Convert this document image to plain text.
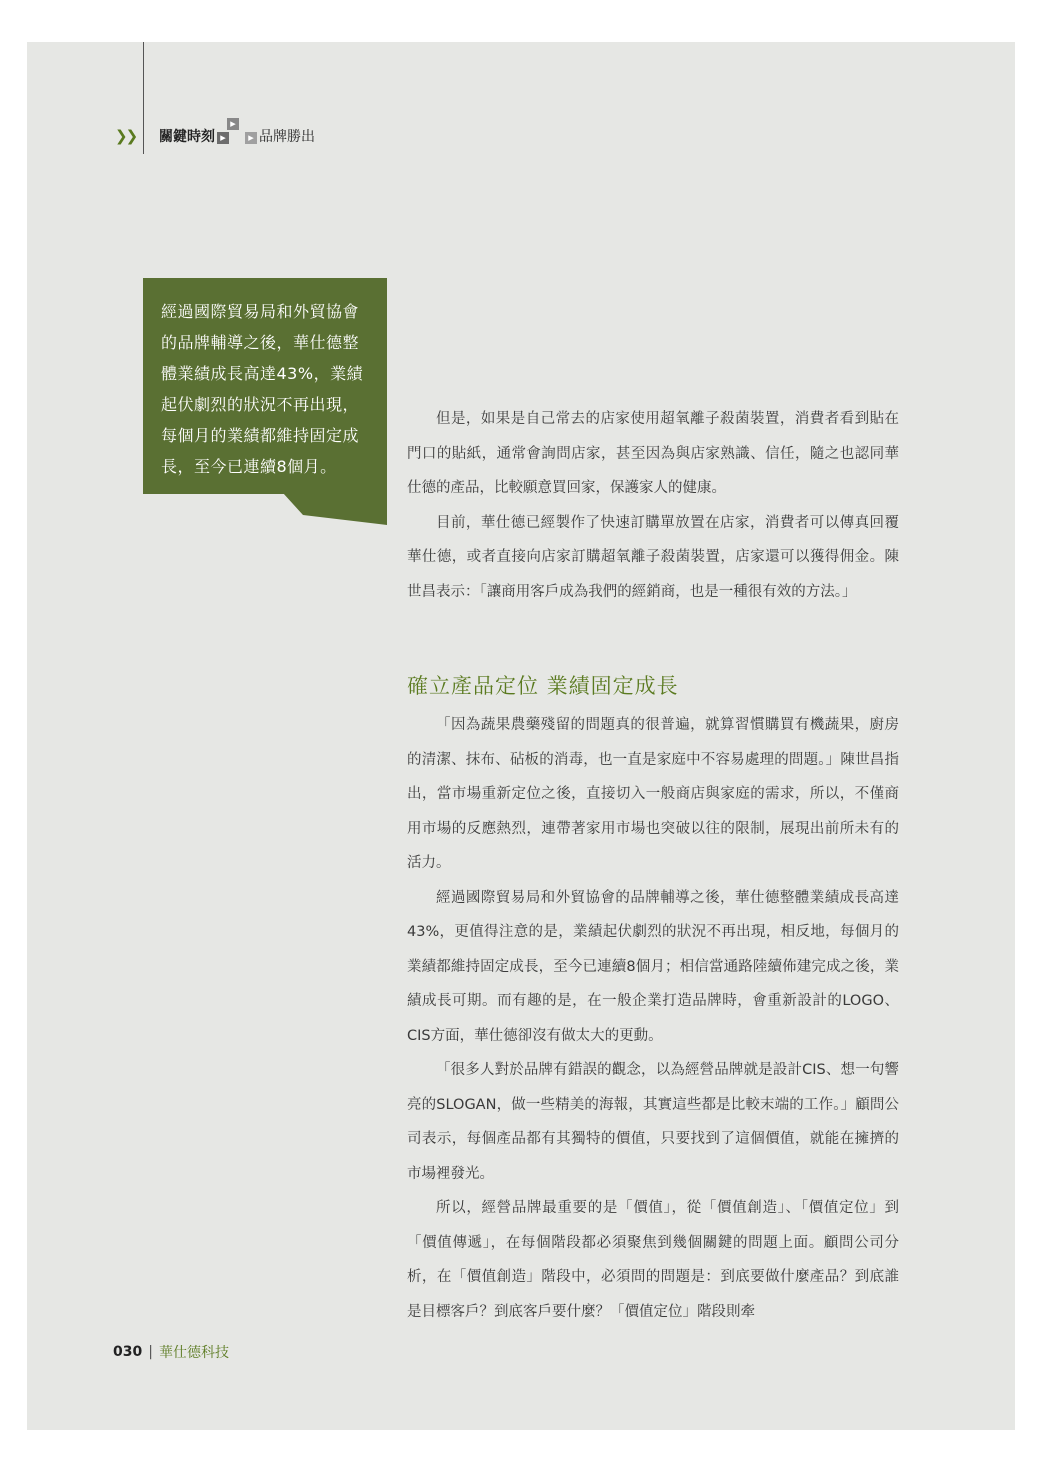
❯❯	關鍵時刻 ▸
▸
▸ 品牌勝出
經過國際貿易局和外貿協會的品牌輔導之後，華仕德整體業績成長高達43%，業績起伏劇烈的狀況不再出現，每個月的業績都維持固定成長，至今已連續8個月。

但是，如果是自己常去的店家使用超氧離子殺菌裝置，消費者看到貼在門口的貼紙，通常會詢問店家，甚至因為與店家熟識、信任，隨之也認同華仕德的產品，比較願意買回家，保護家人的健康。

目前，華仕德已經製作了快速訂購單放置在店家，消費者可以傳真回覆華仕德，或者直接向店家訂購超氧離子殺菌裝置，店家還可以獲得佣金。陳世昌表示：「讓商用客戶成為我們的經銷商，也是一種很有效的方法。」

確立產品定位 業績固定成長

「因為蔬果農藥殘留的問題真的很普遍，就算習慣購買有機蔬果，廚房的清潔、抹布、砧板的消毒，也一直是家庭中不容易處理的問題。」陳世昌指出，當市場重新定位之後，直接切入一般商店與家庭的需求，所以，不僅商用市場的反應熱烈，連帶著家用市場也突破以往的限制，展現出前所未有的活力。

經過國際貿易局和外貿協會的品牌輔導之後，華仕德整體業績成長高達43%，更值得注意的是，業績起伏劇烈的狀況不再出現，相反地，每個月的業績都維持固定成長，至今已連續8個月；相信當通路陸續佈建完成之後，業績成長可期。而有趣的是，在一般企業打造品牌時，會重新設計的LOGO、CIS方面，華仕德卻沒有做太大的更動。

「很多人對於品牌有錯誤的觀念，以為經營品牌就是設計CIS、想一句響亮的SLOGAN，做一些精美的海報，其實這些都是比較末端的工作。」顧問公司表示，每個產品都有其獨特的價值，只要找到了這個價值，就能在擁擠的市場裡發光。

所以，經營品牌最重要的是「價值」，從「價值創造」、「價值定位」到「價值傳遞」，在每個階段都必須聚焦到幾個關鍵的問題上面。顧問公司分析，在「價值創造」階段中，必須問的問題是：到底要做什麼產品？到底誰是目標客戶？到底客戶要什麼？「價值定位」階段則牽

030 | 華仕德科技
